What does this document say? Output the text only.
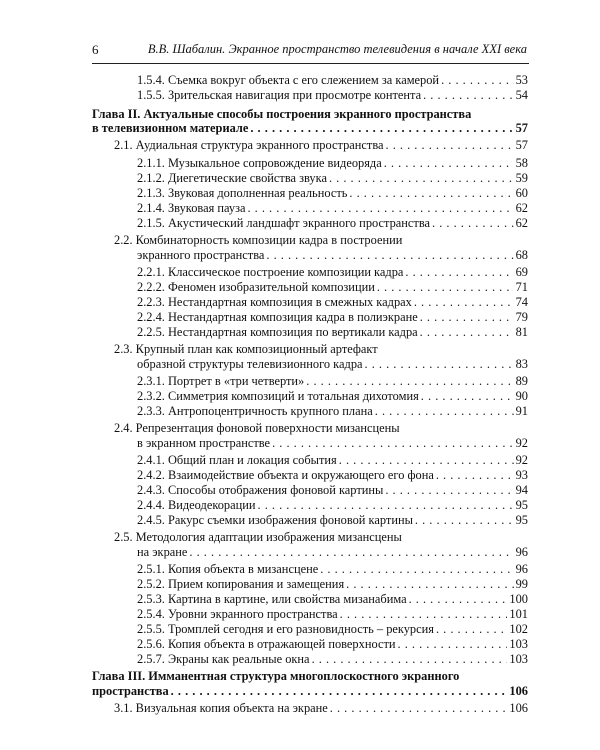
6	В.В. Шабалин. Экранное пространство телевидения в начале XXI века
1.5.4. Съемка вокруг объекта с его слежением за камерой . . .	53
1.5.5. Зрительская навигация при просмотре контента . . .	54
Глава II. Актуальные способы построения экранного пространства
в телевизионном материале . . .	57
2.1. Аудиальная структура экранного пространства . . .	57
2.1.1. Музыкальное сопровождение видеоряда . . .	58
2.1.2. Диегетические свойства звука . . .	59
2.1.3. Звуковая дополненная реальность . . .	60
2.1.4. Звуковая пауза . . .	62
2.1.5. Акустический ландшафт экранного пространства . . .	62
2.2. Комбинаторность композиции кадра в построении
экранного пространства . . .	68
2.2.1. Классическое построение композиции кадра . . .	69
2.2.2. Феномен изобразительной композиции . . .	71
2.2.3. Нестандартная композиция в смежных кадрах . . .	74
2.2.4. Нестандартная композиция кадра в полиэкране . . .	79
2.2.5. Нестандартная композиция по вертикали кадра . . .	81
2.3. Крупный план как композиционный артефакт
образной структуры телевизионного кадра . . .	83
2.3.1. Портрет в «три четверти» . . .	89
2.3.2. Симметрия композиций и тотальная дихотомия . . .	90
2.3.3. Антропоцентричность крупного плана . . .	91
2.4. Репрезентация фоновой поверхности мизансцены
в экранном пространстве . . .	92
2.4.1. Общий план и локация события . . .	92
2.4.2. Взаимодействие объекта и окружающего его фона . . .	93
2.4.3. Способы отображения фоновой картины . . .	94
2.4.4. Видеодекорации . . .	95
2.4.5. Ракурс съемки изображения фоновой картины . . .	95
2.5. Методология адаптации изображения мизансцены
на экране . . .	96
2.5.1. Копия объекта в мизансцене . . .	96
2.5.2. Прием копирования и замещения . . .	99
2.5.3. Картина в картине, или свойства мизанабима . . .	100
2.5.4. Уровни экранного пространства . . .	101
2.5.5. Тромплей сегодня и его разновидность – рекурсия . . .	102
2.5.6. Копия объекта в отражающей поверхности . . .	103
2.5.7. Экраны как реальные окна . . .	103
Глава III. Имманентная структура многоплоскостного экранного
пространства . . .	106
3.1. Визуальная копия объекта на экране . . .	106
